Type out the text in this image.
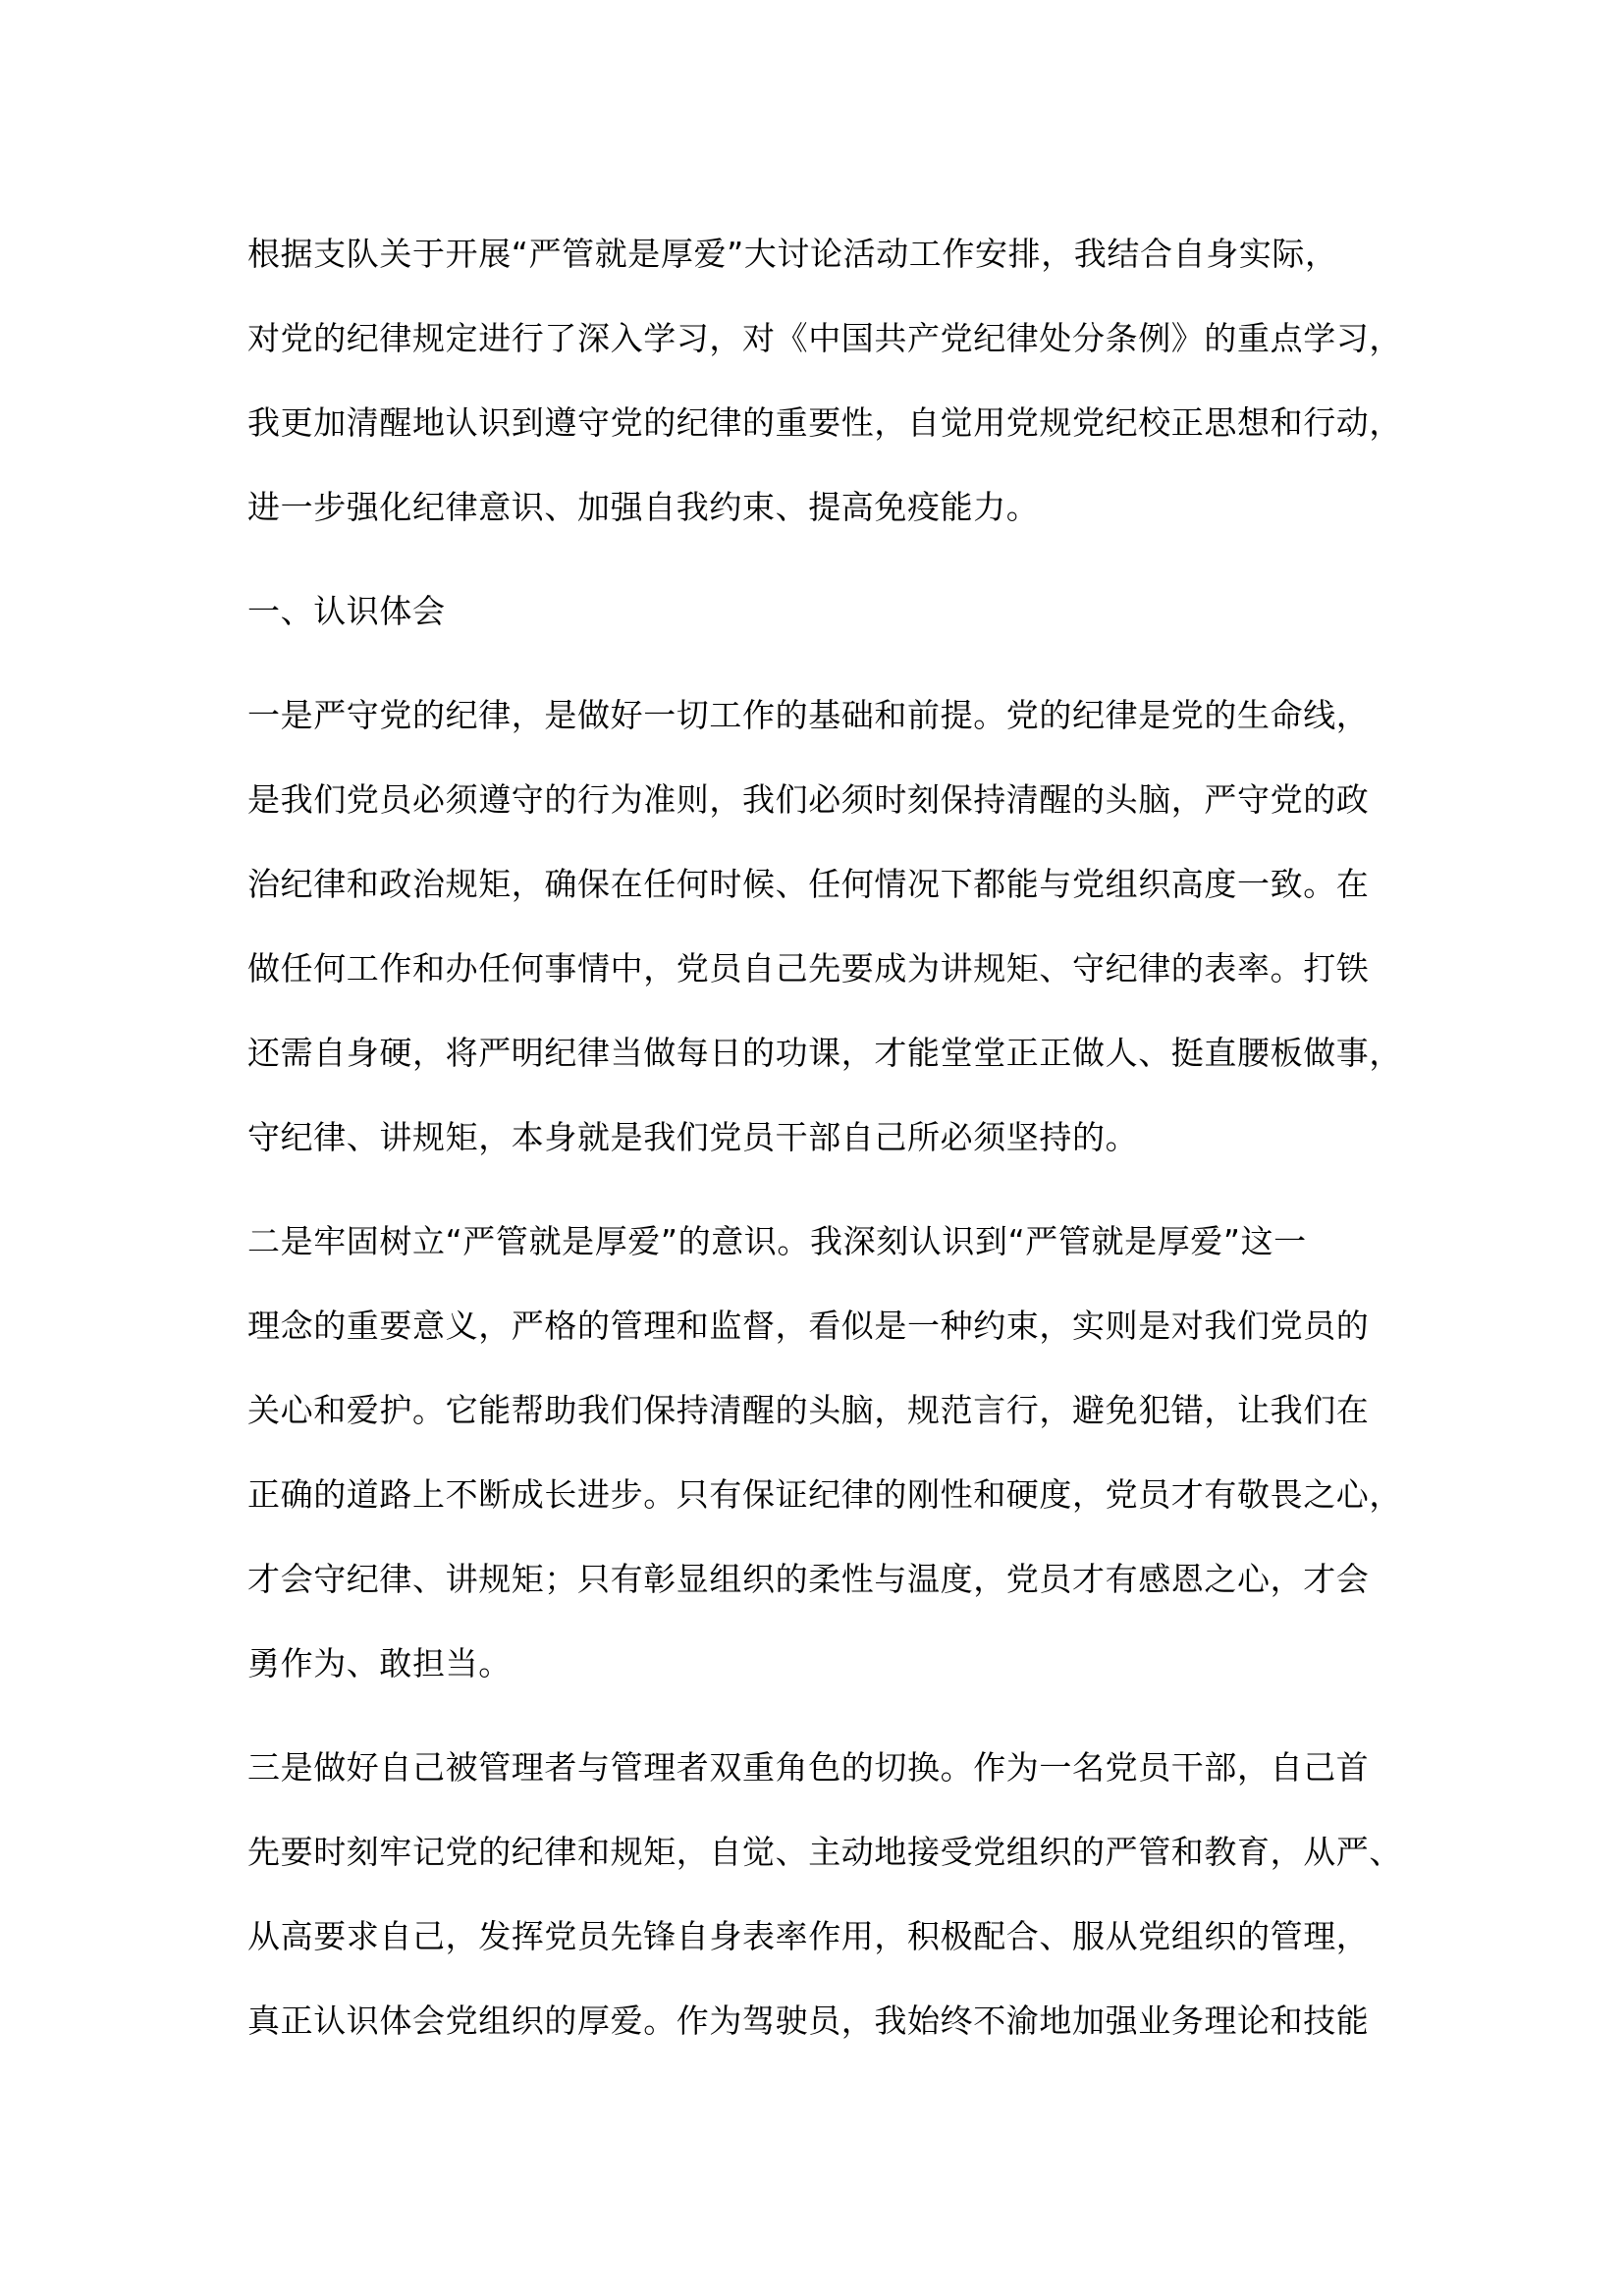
根据支队关于开展“严管就是厚爱”大讨论活动工作安排，我结合自身实际，
对党的纪律规定进行了深入学习，对《中国共产党纪律处分条例》的重点学习，
我更加清醒地认识到遵守党的纪律的重要性，自觉用党规党纪校正思想和行动，
进一步强化纪律意识、加强自我约束、提高免疫能力。
一、认识体会
一是严守党的纪律，是做好一切工作的基础和前提。党的纪律是党的生命线，
是我们党员必须遵守的行为准则，我们必须时刻保持清醒的头脑，严守党的政
治纪律和政治规矩，确保在任何时候、任何情况下都能与党组织高度一致。在
做任何工作和办任何事情中，党员自己先要成为讲规矩、守纪律的表率。打铁
还需自身硬，将严明纪律当做每日的功课，才能堂堂正正做人、挺直腰板做事，
守纪律、讲规矩，本身就是我们党员干部自己所必须坚持的。
二是牢固树立“严管就是厚爱”的意识。我深刻认识到“严管就是厚爱”这一
理念的重要意义，严格的管理和监督，看似是一种约束，实则是对我们党员的
关心和爱护。它能帮助我们保持清醒的头脑，规范言行，避免犯错，让我们在
正确的道路上不断成长进步。只有保证纪律的刚性和硬度，党员才有敬畏之心，
才会守纪律、讲规矩；只有彰显组织的柔性与温度，党员才有感恩之心，才会
勇作为、敢担当。
三是做好自己被管理者与管理者双重角色的切换。作为一名党员干部，自己首
先要时刻牢记党的纪律和规矩，自觉、主动地接受党组织的严管和教育，从严、
从高要求自己，发挥党员先锋自身表率作用，积极配合、服从党组织的管理，
真正认识体会党组织的厚爱。作为驾驶员，我始终不渝地加强业务理论和技能
